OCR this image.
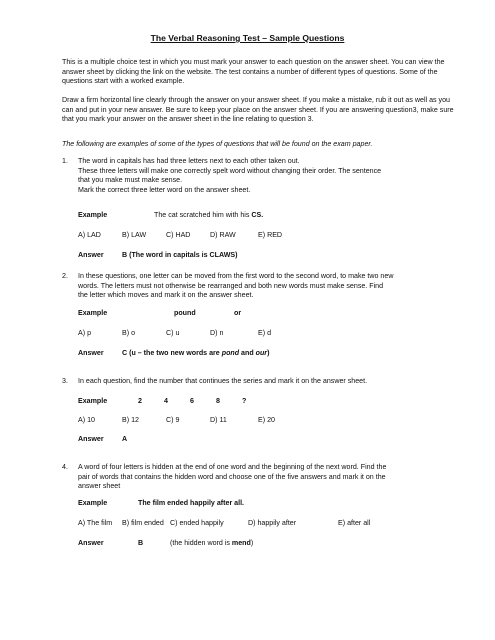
The Verbal Reasoning Test – Sample Questions

This is a multiple choice test in which you must mark your answer to each question on the answer sheet. You can view the answer sheet by clicking the link on the website. The test contains a number of different types of questions. Some of the questions start with a worked example.

Draw a firm horizontal line clearly through the answer on your answer sheet. If you make a mistake, rub it out as well as you can and put in your new answer. Be sure to keep your place on the answer sheet. If you are answering question3, make sure that you mark your answer on the answer sheet in the line relating to question 3.

The following are examples of some of the types of questions that will be found on the exam paper.

1. The word in capitals has had three letters next to each other taken out.
These three letters will make one correctly spelt word without changing their order. The sentence
that you make must make sense.
Mark the correct three letter word on the answer sheet.
Example	The cat scratched him with his CS.
A) LAD	B) LAW	C) HAD	D) RAW	E) RED
Answer	B (The word in capitals is CLAWS)
2. In these questions, one letter can be moved from the first word to the second word, to make two new
words. The letters must not otherwise be rearranged and both new words must make sense. Find
the letter which moves and mark it on the answer sheet.
Example	pound	or
A) p	B) o	C) u	D) n	E) d
Answer	C (u – the two new words are pond and our)
3. In each question, find the number that continues the series and mark it on the answer sheet.
Example	2	4	6	8	?
A) 10	B) 12	C) 9	D) 11	E) 20
Answer	A
4. A word of four letters is hidden at the end of one word and the beginning of the next word. Find the
pair of words that contains the hidden word and choose one of the five answers and mark it on the
answer sheet
Example	The film ended happily after all.
A) The film B) film ended C) ended happily	D) happily after	E) after all
Answer	B	(the hidden word is mend)
